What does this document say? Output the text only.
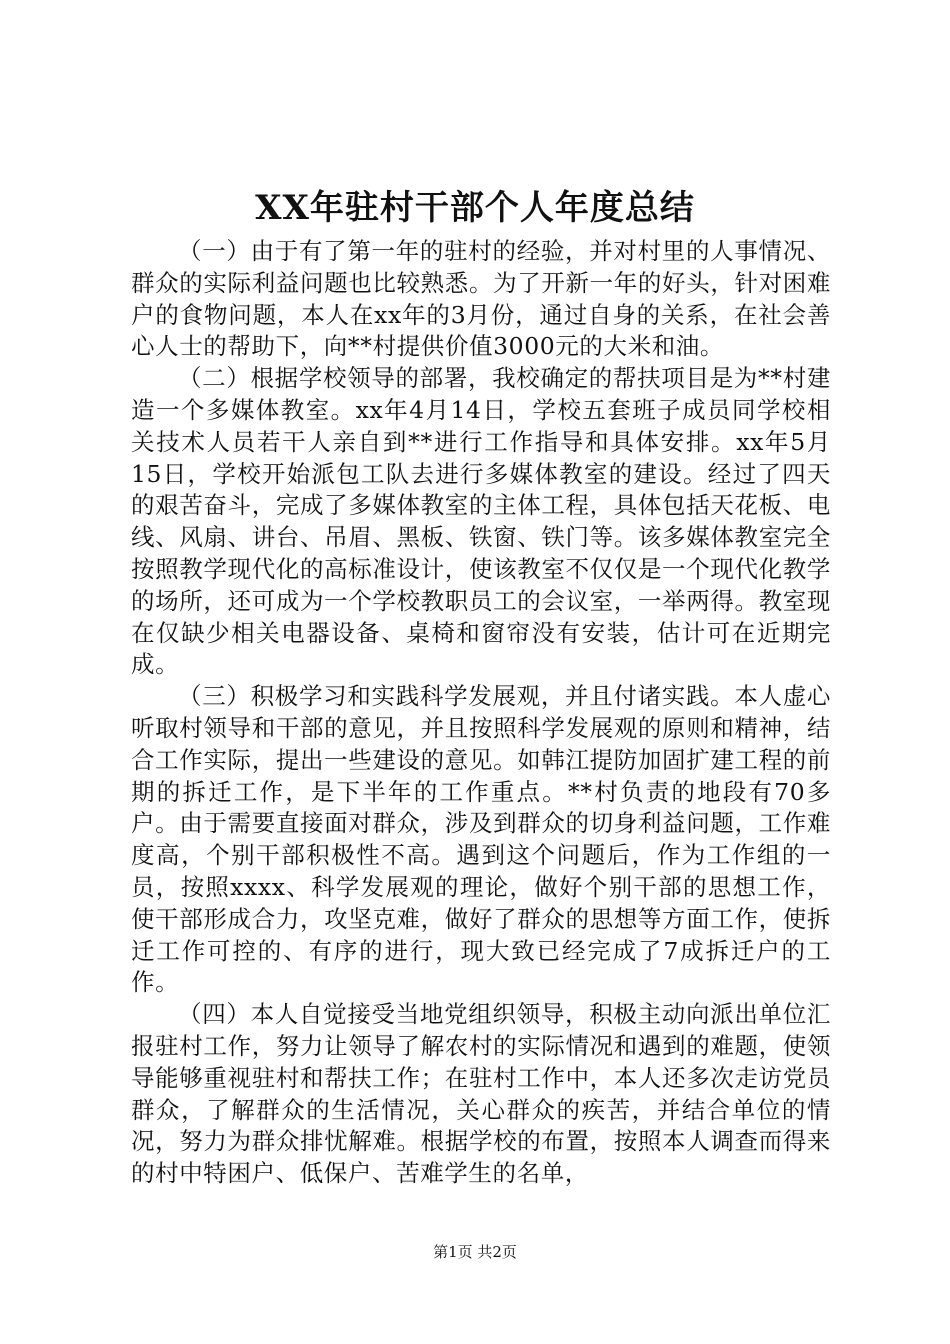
XX年驻村干部个人年度总结

（一）由于有了第一年的驻村的经验，并对村里的人事情况、群众的实际利益问题也比较熟悉。为了开新一年的好头，针对困难户的食物问题，本人在xx年的3月份，通过自身的关系，在社会善心人士的帮助下，向**村提供价值3000元的大米和油。

（二）根据学校领导的部署，我校确定的帮扶项目是为**村建造一个多媒体教室。xx年4月14日，学校五套班子成员同学校相关技术人员若干人亲自到**进行工作指导和具体安排。xx年5月15日，学校开始派包工队去进行多媒体教室的建设。经过了四天的艰苦奋斗，完成了多媒体教室的主体工程，具体包括天花板、电线、风扇、讲台、吊眉、黑板、铁窗、铁门等。该多媒体教室完全按照教学现代化的高标准设计，使该教室不仅仅是一个现代化教学的场所，还可成为一个学校教职员工的会议室，一举两得。教室现在仅缺少相关电器设备、桌椅和窗帘没有安装，估计可在近期完成。

（三）积极学习和实践科学发展观，并且付诸实践。本人虚心听取村领导和干部的意见，并且按照科学发展观的原则和精神，结合工作实际，提出一些建设的意见。如韩江提防加固扩建工程的前期的拆迁工作，是下半年的工作重点。**村负责的地段有70多户。由于需要直接面对群众，涉及到群众的切身利益问题，工作难度高，个别干部积极性不高。遇到这个问题后，作为工作组的一员，按照xxxx、科学发展观的理论，做好个别干部的思想工作，使干部形成合力，攻坚克难，做好了群众的思想等方面工作，使拆迁工作可控的、有序的进行，现大致已经完成了7成拆迁户的工作。

（四）本人自觉接受当地党组织领导，积极主动向派出单位汇报驻村工作，努力让领导了解农村的实际情况和遇到的难题，使领导能够重视驻村和帮扶工作；在驻村工作中，本人还多次走访党员群众，了解群众的生活情况，关心群众的疾苦，并结合单位的情况，努力为群众排忧解难。根据学校的布置，按照本人调查而得来的村中特困户、低保户、苦难学生的名单，

第1页 共2页
